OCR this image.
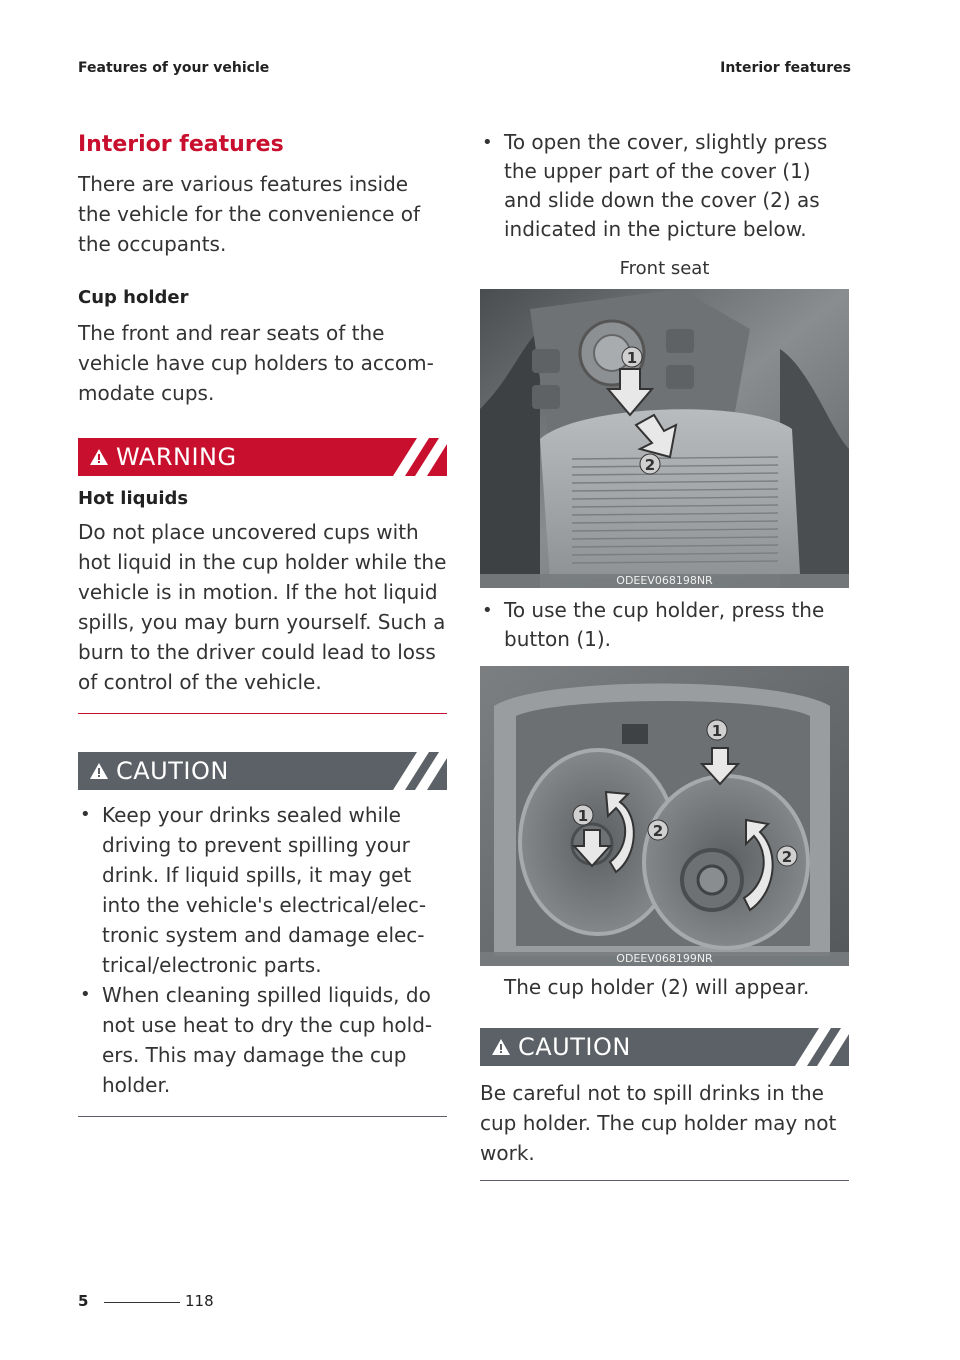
Features of your vehicle	Interior features
Interior features
There are various features inside the vehicle for the convenience of the occupants.
Cup holder
The front and rear seats of the vehicle have cup holders to accom-modate cups.
WARNING
Hot liquids
Do not place uncovered cups with hot liquid in the cup holder while the vehicle is in motion. If the hot liquid spills, you may burn yourself. Such a burn to the driver could lead to loss of control of the vehicle.
CAUTION
• Keep your drinks sealed while driving to prevent spilling your drink. If liquid spills, it may get into the vehicle's electrical/elec-tronic system and damage elec-trical/electronic parts.
• When cleaning spilled liquids, do not use heat to dry the cup hold-ers. This may damage the cup holder.
• To open the cover, slightly press the upper part of the cover (1) and slide down the cover (2) as indicated in the picture below.
Front seat
1
2
ODEEV068198NR
• To use the cup holder, press the button (1).
1
1
2
2
ODEEV068199NR
The cup holder (2) will appear.
CAUTION
Be careful not to spill drinks in the cup holder. The cup holder may not work.
5	118
